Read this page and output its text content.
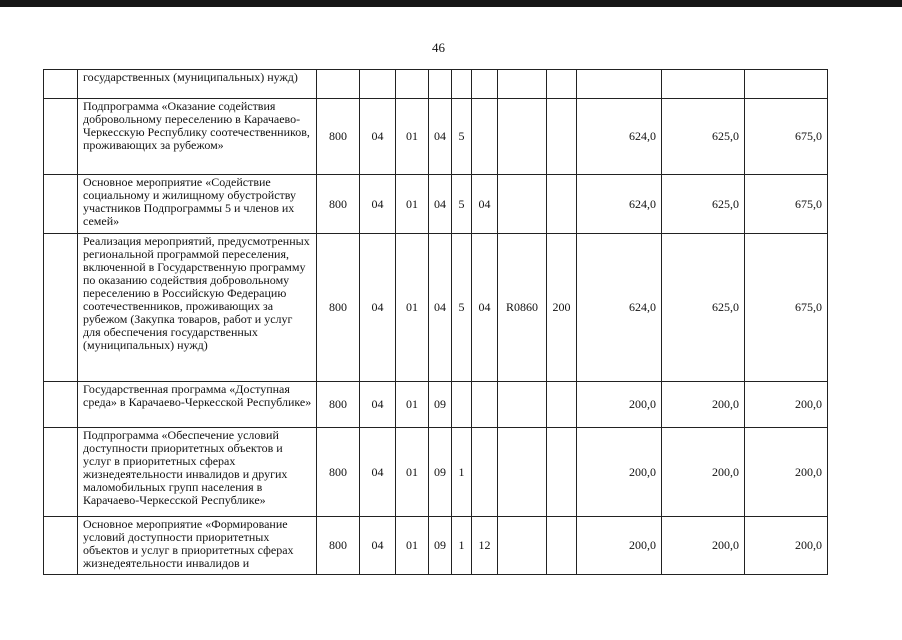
46
	государственных (муниципальных) нужд)											
	Подпрограмма «Оказание содействия добровольному переселению в Карачаево-Черкесскую Республику соотечественников, проживающих за рубежом»	800	04	01	04	5				624,0	625,0	675,0
	Основное мероприятие «Содействие социальному и жилищному обустройству участников Подпрограммы 5 и членов их семей»	800	04	01	04	5	04			624,0	625,0	675,0
	Реализация мероприятий, предусмотренных региональной программой переселения, включенной в Государственную программу по оказанию содействия добровольному переселению в Российскую Федерацию соотечественников, проживающих за рубежом (Закупка товаров, работ и услуг для обеспечения государственных (муниципальных) нужд)	800	04	01	04	5	04	R0860	200	624,0	625,0	675,0
	Государственная программа «Доступная среда» в Карачаево-Черкесской Республике»	800	04	01	09					200,0	200,0	200,0
	Подпрограмма «Обеспечение условий доступности приоритетных объектов и услуг в приоритетных сферах жизнедеятельности инвалидов и других маломобильных групп населения в Карачаево-Черкесской Республике»	800	04	01	09	1				200,0	200,0	200,0
	Основное мероприятие «Формирование условий доступности приоритетных объектов и услуг в приоритетных сферах жизнедеятельности инвалидов и	800	04	01	09	1	12			200,0	200,0	200,0
